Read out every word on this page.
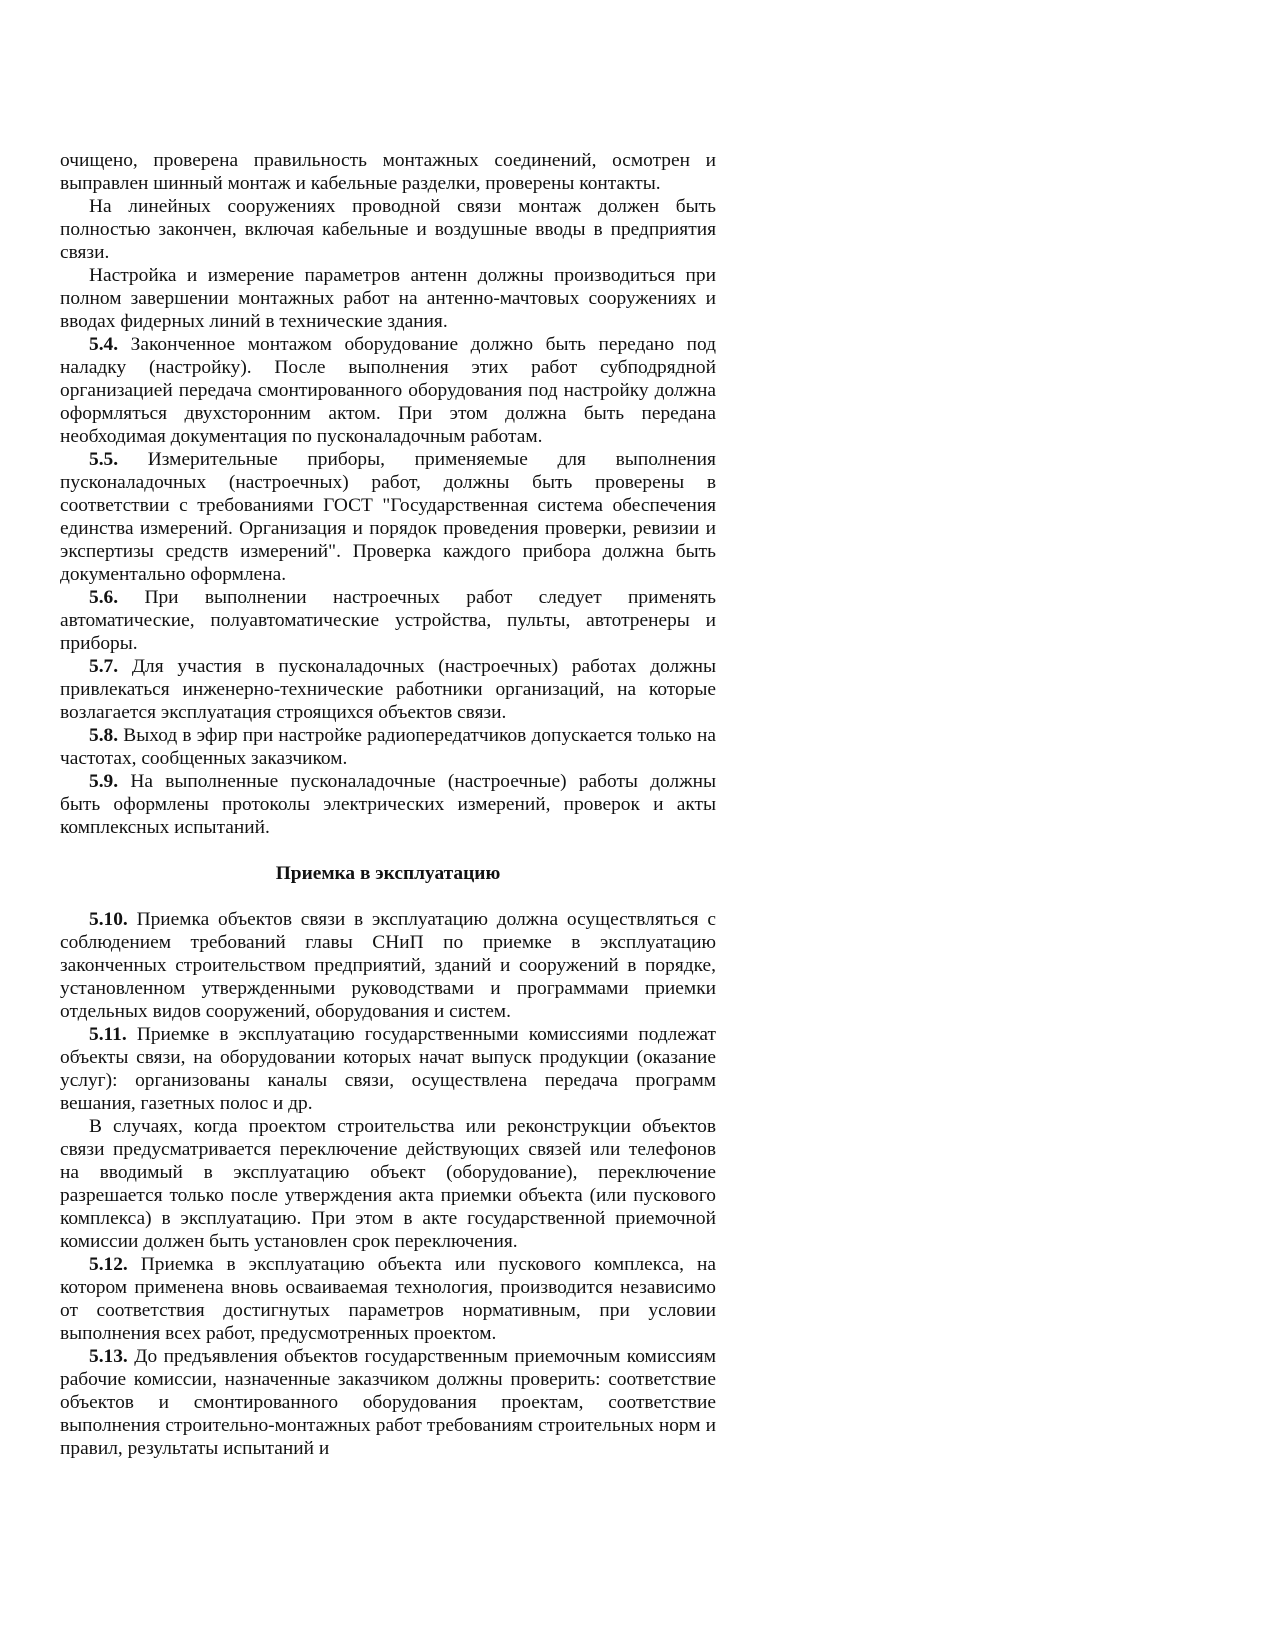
очищено, проверена правильность монтажных соединений, осмотрен и выправлен шинный монтаж и кабельные разделки, проверены контакты.

На линейных сооружениях проводной связи монтаж должен быть полностью закончен, включая кабельные и воздушные вводы в предприятия связи.

Настройка и измерение параметров антенн должны производиться при полном завершении монтажных работ на антенно-мачтовых сооружениях и вводах фидерных линий в технические здания.

5.4. Законченное монтажом оборудование должно быть передано под наладку (настройку). После выполнения этих работ субподрядной организацией передача смонтированного оборудования под настройку должна оформляться двухсторонним актом. При этом должна быть передана необходимая документация по пусконаладочным работам.

5.5. Измерительные приборы, применяемые для выполнения пусконаладочных (настроечных) работ, должны быть проверены в соответствии с требованиями ГОСТ "Государственная система обеспечения единства измерений. Организация и порядок проведения проверки, ревизии и экспертизы средств измерений". Проверка каждого прибора должна быть документально оформлена.

5.6. При выполнении настроечных работ следует применять автоматические, полуавтоматические устройства, пульты, автотренеры и приборы.

5.7. Для участия в пусконаладочных (настроечных) работах должны привлекаться инженерно-технические работники организаций, на которые возлагается эксплуатация строящихся объектов связи.

5.8. Выход в эфир при настройке радиопередатчиков допускается только на частотах, сообщенных заказчиком.

5.9. На выполненные пусконаладочные (настроечные) работы должны быть оформлены протоколы электрических измерений, проверок и акты комплексных испытаний.

Приемка в эксплуатацию

5.10. Приемка объектов связи в эксплуатацию должна осуществляться с соблюдением требований главы СНиП по приемке в эксплуатацию законченных строительством предприятий, зданий и сооружений в порядке, установленном утвержденными руководствами и программами приемки отдельных видов сооружений, оборудования и систем.

5.11. Приемке в эксплуатацию государственными комиссиями подлежат объекты связи, на оборудовании которых начат выпуск продукции (оказание услуг): организованы каналы связи, осуществлена передача программ вешания, газетных полос и др.

В случаях, когда проектом строительства или реконструкции объектов связи предусматривается переключение действующих связей или телефонов на вводимый в эксплуатацию объект (оборудование), переключение разрешается только после утверждения акта приемки объекта (или пускового комплекса) в эксплуатацию. При этом в акте государственной приемочной комиссии должен быть установлен срок переключения.

5.12. Приемка в эксплуатацию объекта или пускового комплекса, на котором применена вновь осваиваемая технология, производится независимо от соответствия достигнутых параметров нормативным, при условии выполнения всех работ, предусмотренных проектом.

5.13. До предъявления объектов государственным приемочным комиссиям рабочие комиссии, назначенные заказчиком должны проверить: соответствие объектов и смонтированного оборудования проектам, соответствие выполнения строительно-монтажных работ требованиям строительных норм и правил, результаты испытаний и
